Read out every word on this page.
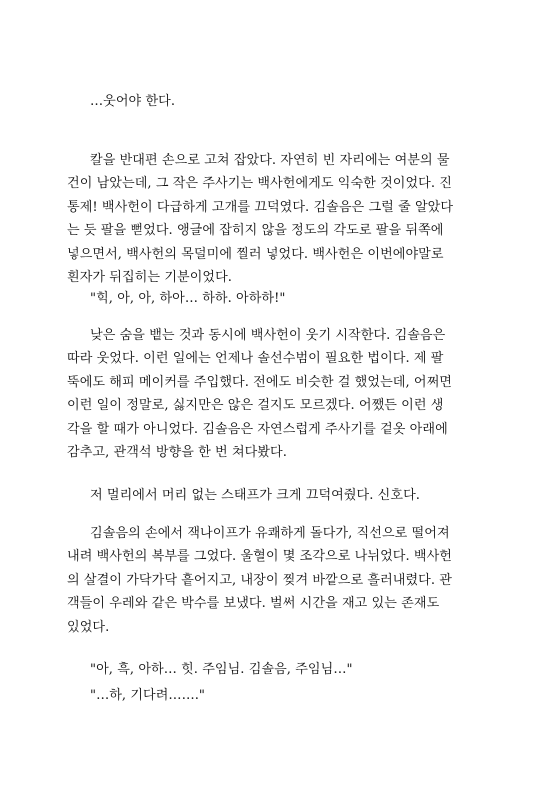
…웃어야 한다.

칼을 반대편 손으로 고쳐 잡았다. 자연히 빈 자리에는 여분의 물
건이 남았는데, 그 작은 주사기는 백사헌에게도 익숙한 것이었다. 진
통제! 백사헌이 다급하게 고개를 끄덕였다. 김솔음은 그럴 줄 알았다
는 듯 팔을 뻗었다. 앵글에 잡히지 않을 정도의 각도로 팔을 뒤쪽에
넣으면서, 백사헌의 목덜미에 찔러 넣었다. 백사헌은 이번에야말로
흰자가 뒤집히는 기분이었다.

"힉, 아, 아, 하아… 하하. 아하하!"

낮은 숨을 뱉는 것과 동시에 백사헌이 웃기 시작한다. 김솔음은
따라 웃었다. 이런 일에는 언제나 솔선수범이 필요한 법이다. 제 팔
뚝에도 해피 메이커를 주입했다. 전에도 비슷한 걸 했었는데, 어쩌면
이런 일이 정말로, 싫지만은 않은 걸지도 모르겠다. 어쨌든 이런 생
각을 할 때가 아니었다. 김솔음은 자연스럽게 주사기를 겉옷 아래에
감추고, 관객석 방향을 한 번 쳐다봤다.

저 멀리에서 머리 없는 스태프가 크게 끄덕여줬다. 신호다.

김솔음의 손에서 잭나이프가 유쾌하게 돌다가, 직선으로 떨어져
내려 백사헌의 복부를 그었다. 울혈이 몇 조각으로 나뉘었다. 백사헌
의 살결이 가닥가닥 흩어지고, 내장이 찢겨 바깥으로 흘러내렸다. 관
객들이 우레와 같은 박수를 보냈다. 벌써 시간을 재고 있는 존재도
있었다.

"아, 흑, 아하… 힛. 주임님. 김솔음, 주임님…"

"…하, 기다려……."
